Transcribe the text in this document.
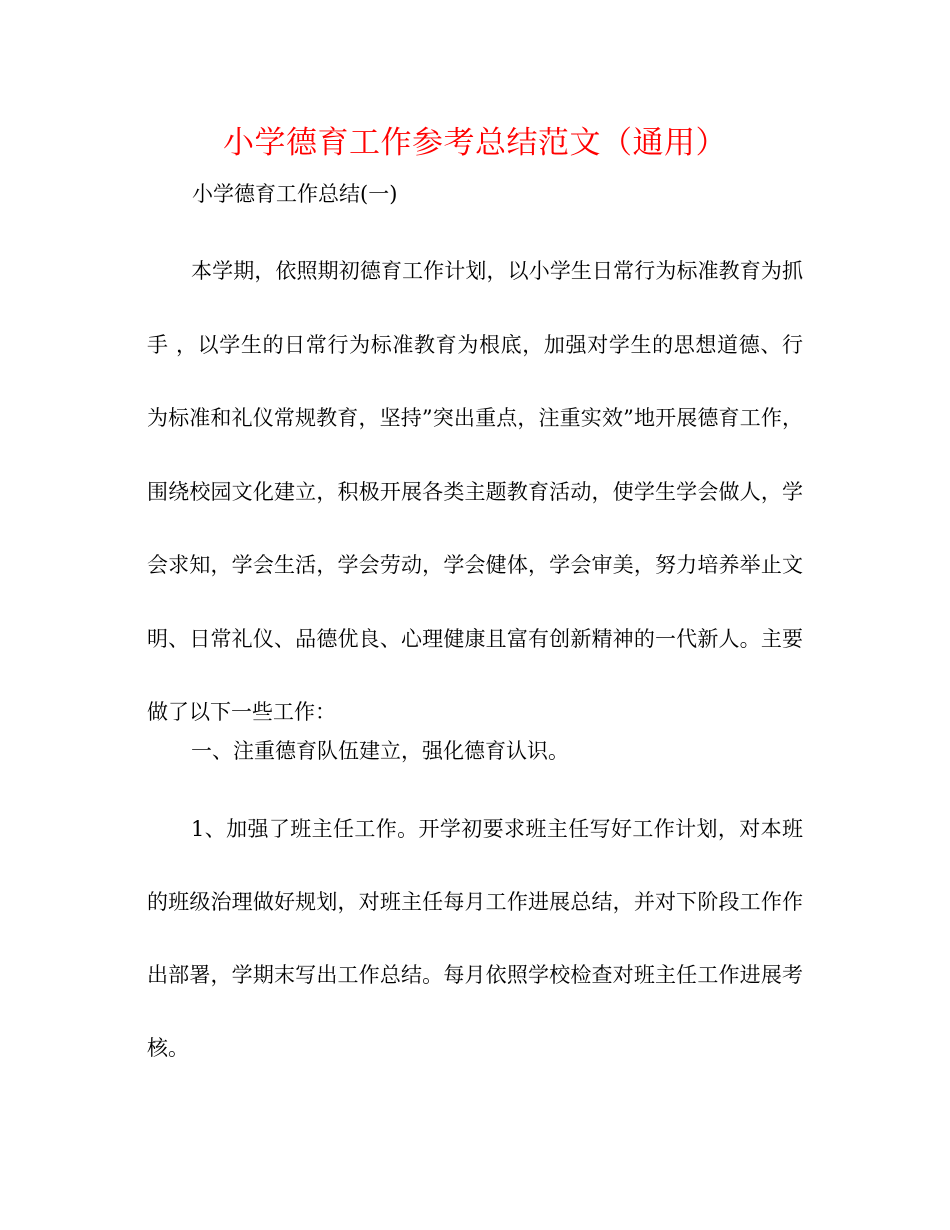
小学德育工作参考总结范文（通用）

小学德育工作总结(一)

本学期，依照期初德育工作计划，以小学生日常行为标准教育为抓手 ，以学生的日常行为标准教育为根底，加强对学生的思想道德、行为标准和礼仪常规教育，坚持”突出重点，注重实效”地开展德育工作，围绕校园文化建立，积极开展各类主题教育活动，使学生学会做人，学会求知，学会生活，学会劳动，学会健体，学会审美，努力培养举止文明、日常礼仪、品德优良、心理健康且富有创新精神的一代新人。主要做了以下一些工作：

一、注重德育队伍建立，强化德育认识。

1、加强了班主任工作。开学初要求班主任写好工作计划，对本班的班级治理做好规划，对班主任每月工作进展总结，并对下阶段工作作出部署，学期末写出工作总结。每月依照学校检查对班主任工作进展考核。
